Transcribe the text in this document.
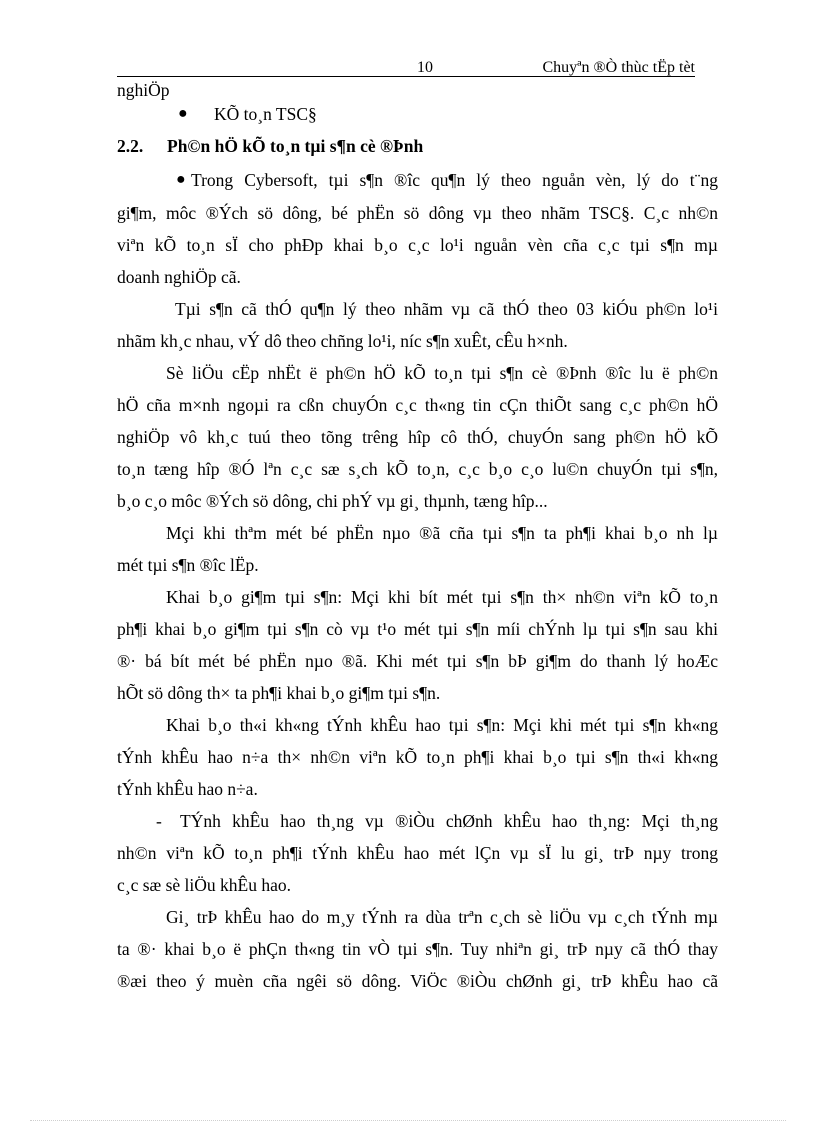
10	Chuyªn ®Ò thùc tËp tèt
nghiÖp
● KÕ to¸n TSC§
2.2. Ph©n hÖ kÕ to¸n tµi s¶n cè ®Þnh
● Trong Cybersoft, tµi s¶n ®îc qu¶n lý theo nguån vèn, lý do t¨ng
gi¶m, môc ®Ých sö dông, bé phËn sö dông vµ theo nhãm TSC§. C¸c nh©n
viªn kÕ to¸n sÏ cho phÐp khai b¸o c¸c lo¹i nguån vèn cña c¸c tµi s¶n mµ
doanh nghiÖp cã.
Tµi s¶n cã thÓ qu¶n lý theo nhãm vµ cã thÓ theo 03 kiÓu ph©n lo¹i
nhãm kh¸c nhau, vÝ dô theo chñng lo¹i, níc s¶n xuÊt, cÊu h×nh.
Sè liÖu cËp nhËt ë ph©n hÖ kÕ to¸n tµi s¶n cè ®Þnh ®îc lu ë ph©n
hÖ cña m×nh ngoµi ra cßn chuyÓn c¸c th«ng tin cÇn thiÕt sang c¸c ph©n hÖ
nghiÖp vô kh¸c tuú theo tõng trêng hîp cô thÓ, chuyÓn sang ph©n hÖ kÕ
to¸n tæng hîp ®Ó lªn c¸c sæ s¸ch kÕ to¸n, c¸c b¸o c¸o lu©n chuyÓn tµi s¶n,
b¸o c¸o môc ®Ých sö dông, chi phÝ vµ gi¸ thµnh, tæng hîp...
Mçi khi thªm mét bé phËn nµo ®ã cña tµi s¶n ta ph¶i khai b¸o nh lµ
mét tµi s¶n ®îc lËp.
Khai b¸o gi¶m tµi s¶n: Mçi khi bít mét tµi s¶n th× nh©n viªn kÕ to¸n
ph¶i khai b¸o gi¶m tµi s¶n cò vµ t¹o mét tµi s¶n míi chÝnh lµ tµi s¶n sau khi
®· bá bít mét bé phËn nµo ®ã. Khi mét tµi s¶n bÞ gi¶m do thanh lý hoÆc
hÕt sö dông th× ta ph¶i khai b¸o gi¶m tµi s¶n.
Khai b¸o th«i kh«ng tÝnh khÊu hao tµi s¶n: Mçi khi mét tµi s¶n kh«ng
tÝnh khÊu hao n÷a th× nh©n viªn kÕ to¸n ph¶i khai b¸o tµi s¶n th«i kh«ng
tÝnh khÊu hao n÷a.
- TÝnh khÊu hao th¸ng vµ ®iÒu chØnh khÊu hao th¸ng: Mçi th¸ng
nh©n viªn kÕ to¸n ph¶i tÝnh khÊu hao mét lÇn vµ sÏ lu gi¸ trÞ nµy trong
c¸c sæ sè liÖu khÊu hao.
Gi¸ trÞ khÊu hao do m¸y tÝnh ra dùa trªn c¸ch sè liÖu vµ c¸ch tÝnh mµ
ta ®· khai b¸o ë phÇn th«ng tin vÒ tµi s¶n. Tuy nhiªn gi¸ trÞ nµy cã thÓ thay
®æi theo ý muèn cña ngêi sö dông. ViÖc ®iÒu chØnh gi¸ trÞ khÊu hao cã
